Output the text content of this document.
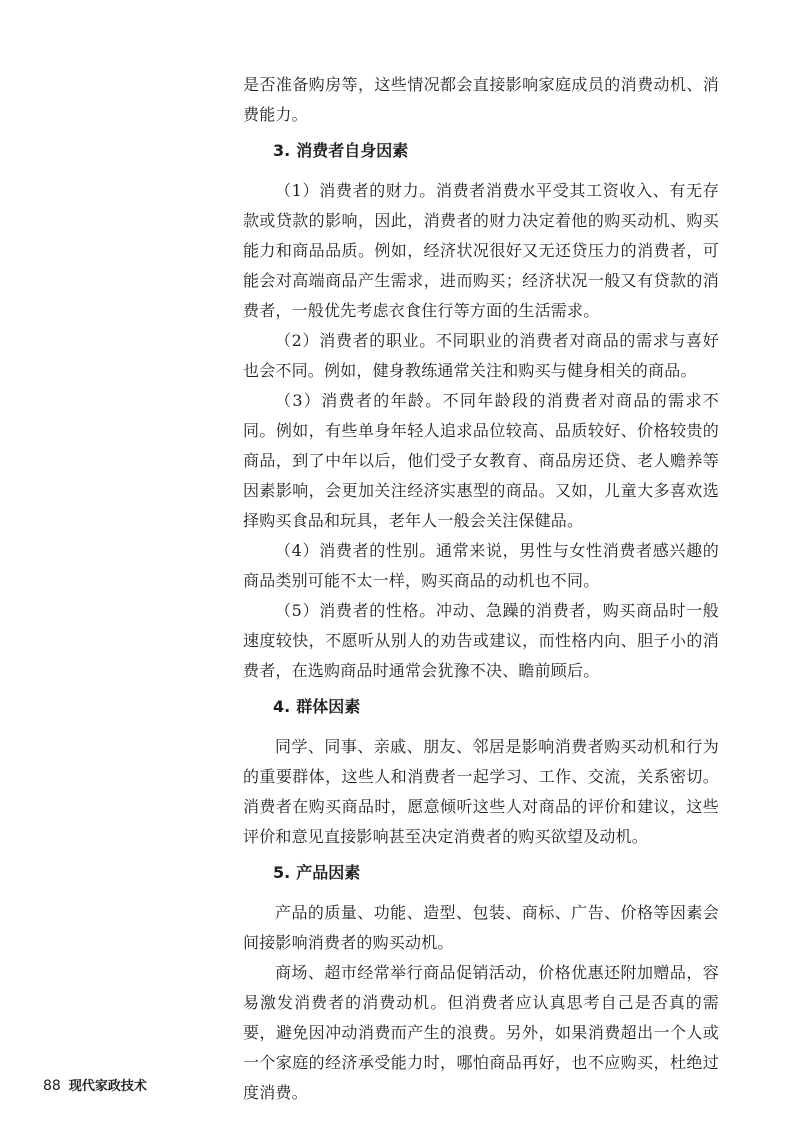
是否准备购房等，这些情况都会直接影响家庭成员的消费动机、消费能力。

3. 消费者自身因素

（1）消费者的财力。消费者消费水平受其工资收入、有无存款或贷款的影响，因此，消费者的财力决定着他的购买动机、购买能力和商品品质。例如，经济状况很好又无还贷压力的消费者，可能会对高端商品产生需求，进而购买；经济状况一般又有贷款的消费者，一般优先考虑衣食住行等方面的生活需求。

（2）消费者的职业。不同职业的消费者对商品的需求与喜好也会不同。例如，健身教练通常关注和购买与健身相关的商品。

（3）消费者的年龄。不同年龄段的消费者对商品的需求不同。例如，有些单身年轻人追求品位较高、品质较好、价格较贵的商品，到了中年以后，他们受子女教育、商品房还贷、老人赡养等因素影响，会更加关注经济实惠型的商品。又如，儿童大多喜欢选择购买食品和玩具，老年人一般会关注保健品。

（4）消费者的性别。通常来说，男性与女性消费者感兴趣的商品类别可能不太一样，购买商品的动机也不同。

（5）消费者的性格。冲动、急躁的消费者，购买商品时一般速度较快，不愿听从别人的劝告或建议，而性格内向、胆子小的消费者，在选购商品时通常会犹豫不决、瞻前顾后。

4. 群体因素

同学、同事、亲戚、朋友、邻居是影响消费者购买动机和行为的重要群体，这些人和消费者一起学习、工作、交流，关系密切。消费者在购买商品时，愿意倾听这些人对商品的评价和建议，这些评价和意见直接影响甚至决定消费者的购买欲望及动机。

5. 产品因素

产品的质量、功能、造型、包装、商标、广告、价格等因素会间接影响消费者的购买动机。

商场、超市经常举行商品促销活动，价格优惠还附加赠品，容易激发消费者的消费动机。但消费者应认真思考自己是否真的需要，避免因冲动消费而产生的浪费。另外，如果消费超出一个人或一个家庭的经济承受能力时，哪怕商品再好，也不应购买，杜绝过度消费。

88 现代家政技术
